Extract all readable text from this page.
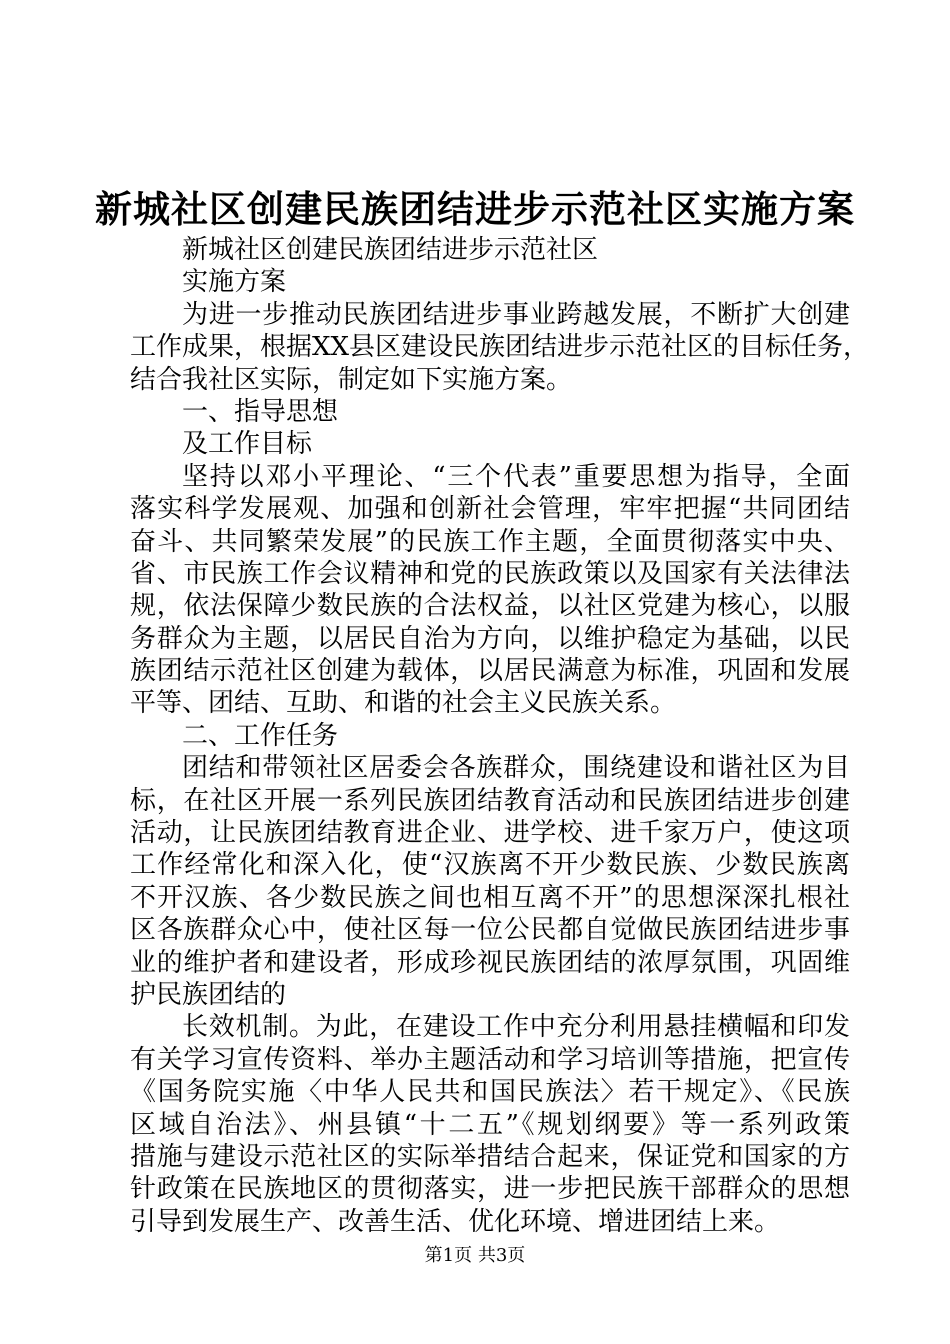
新城社区创建民族团结进步示范社区实施方案
新城社区创建民族团结进步示范社区
实施方案
为进一步推动民族团结进步事业跨越发展，不断扩大创建
工作成果，根据XX县区建设民族团结进步示范社区的目标任务，
结合我社区实际，制定如下实施方案。
一、指导思想
及工作目标
坚持以邓小平理论、“三个代表”重要思想为指导，全面
落实科学发展观、加强和创新社会管理，牢牢把握“共同团结
奋斗、共同繁荣发展”的民族工作主题，全面贯彻落实中央、
省、市民族工作会议精神和党的民族政策以及国家有关法律法
规，依法保障少数民族的合法权益，以社区党建为核心，以服
务群众为主题，以居民自治为方向，以维护稳定为基础，以民
族团结示范社区创建为载体，以居民满意为标准，巩固和发展
平等、团结、互助、和谐的社会主义民族关系。
二、工作任务
团结和带领社区居委会各族群众，围绕建设和谐社区为目
标，在社区开展一系列民族团结教育活动和民族团结进步创建
活动，让民族团结教育进企业、进学校、进千家万户，使这项
工作经常化和深入化，使“汉族离不开少数民族、少数民族离
不开汉族、各少数民族之间也相互离不开”的思想深深扎根社
区各族群众心中，使社区每一位公民都自觉做民族团结进步事
业的维护者和建设者，形成珍视民族团结的浓厚氛围，巩固维
护民族团结的
长效机制。为此，在建设工作中充分利用悬挂横幅和印发
有关学习宣传资料、举办主题活动和学习培训等措施，把宣传
《国务院实施〈中华人民共和国民族法〉若干规定》、《民族
区域自治法》、州县镇“十二五”《规划纲要》等一系列政策
措施与建设示范社区的实际举措结合起来，保证党和国家的方
针政策在民族地区的贯彻落实，进一步把民族干部群众的思想
引导到发展生产、改善生活、优化环境、增进团结上来。
第1页 共3页
